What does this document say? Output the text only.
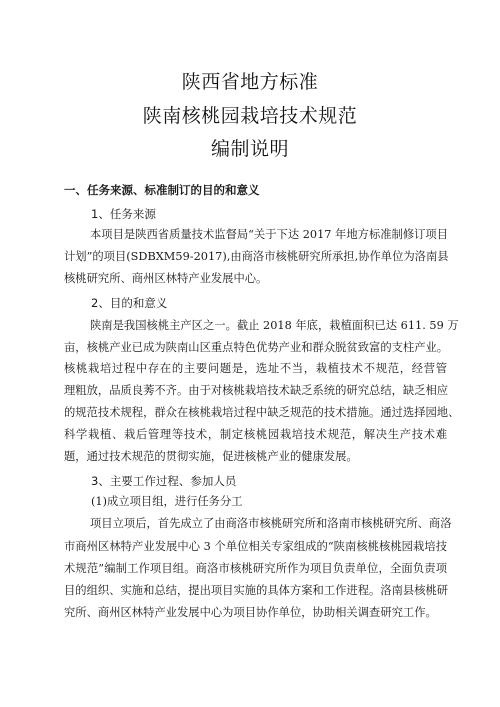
陕西省地方标准
陕南核桃园栽培技术规范
编制说明
一、任务来源、标准制订的目的和意义
1、任务来源
本项目是陕西省质量技术监督局“关于下达 2017 年地方标准制修订项目
计划”的项目(SDBXM59-2017),由商洛市核桃研究所承担,协作单位为洛南县
核桃研究所、商州区林特产业发展中心。
2、目的和意义
陕南是我国核桃主产区之一。截止 2018 年底，栽植面积已达 611. 59 万
亩，核桃产业已成为陕南山区重点特色优势产业和群众脱贫致富的支柱产业。
核桃栽培过程中存在的主要问题是，选址不当，栽植技术不规范，经营管
理粗放，品质良莠不齐。由于对核桃栽培技术缺乏系统的研究总结，缺乏相应
的规范技术规程，群众在核桃栽培过程中缺乏规范的技术措施。通过选择园地、
科学栽植、栽后管理等技术，制定核桃园栽培技术规范，解决生产技术难
题，通过技术规范的贯彻实施，促进核桃产业的健康发展。
3、主要工作过程、参加人员
(1)成立项目组，进行任务分工
项目立项后，首先成立了由商洛市核桃研究所和洛南市核桃研究所、商洛
市商州区林特产业发展中心 3 个单位相关专家组成的“陕南核桃核桃园栽培技
术规范”编制工作项目组。商洛市核桃研究所作为项目负责单位，全面负责项
目的组织、实施和总结，提出项目实施的具体方案和工作进程。洛南县核桃研
究所、商州区林特产业发展中心为项目协作单位，协助相关调查研究工作。
